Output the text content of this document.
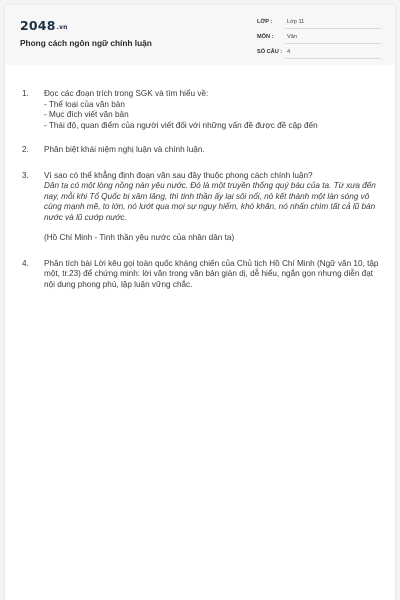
2048.vn
Phong cách ngôn ngữ chính luận
LỚP :	Lớp 11
MÔN : Văn
SỐ CÂU : 4
1. Đọc các đoạn trích trong SGK và tìm hiểu về:

- Thể loại của văn bản

- Mục đích viết văn bản

- Thái độ, quan điểm của người viết đối với những vấn đề được đề cập đến

2. Phân biệt khái niệm nghị luận và chính luận.

3. Vì sao có thể khẳng định đoạn văn sau đây thuộc phong cách chính luận?

Dân ta có một lòng nồng nàn yêu nước. Đó là một truyền thống quý báu của ta. Từ xưa đến nay, mỗi khi Tổ Quốc bị xâm lăng, thì tinh thần ấy lại sôi nổi, nó kết thành một làn sóng vô cùng mạnh mẽ, to lớn, nó lướt qua mọi sự nguy hiểm, khó khăn, nó nhấn chìm tất cả lũ bán nước và lũ cướp nước.

(Hồ Chí Minh - Tinh thần yêu nước của nhân dân ta)

4. Phân tích bài Lời kêu gọi toàn quốc kháng chiến của Chủ tịch Hồ Chí Minh (Ngữ văn 10, tập một, tr.23) để chứng minh: lời văn trong văn bản giản dị, dễ hiểu, ngắn gọn nhưng diễn đạt nội dung phong phú, lập luận vững chắc.
